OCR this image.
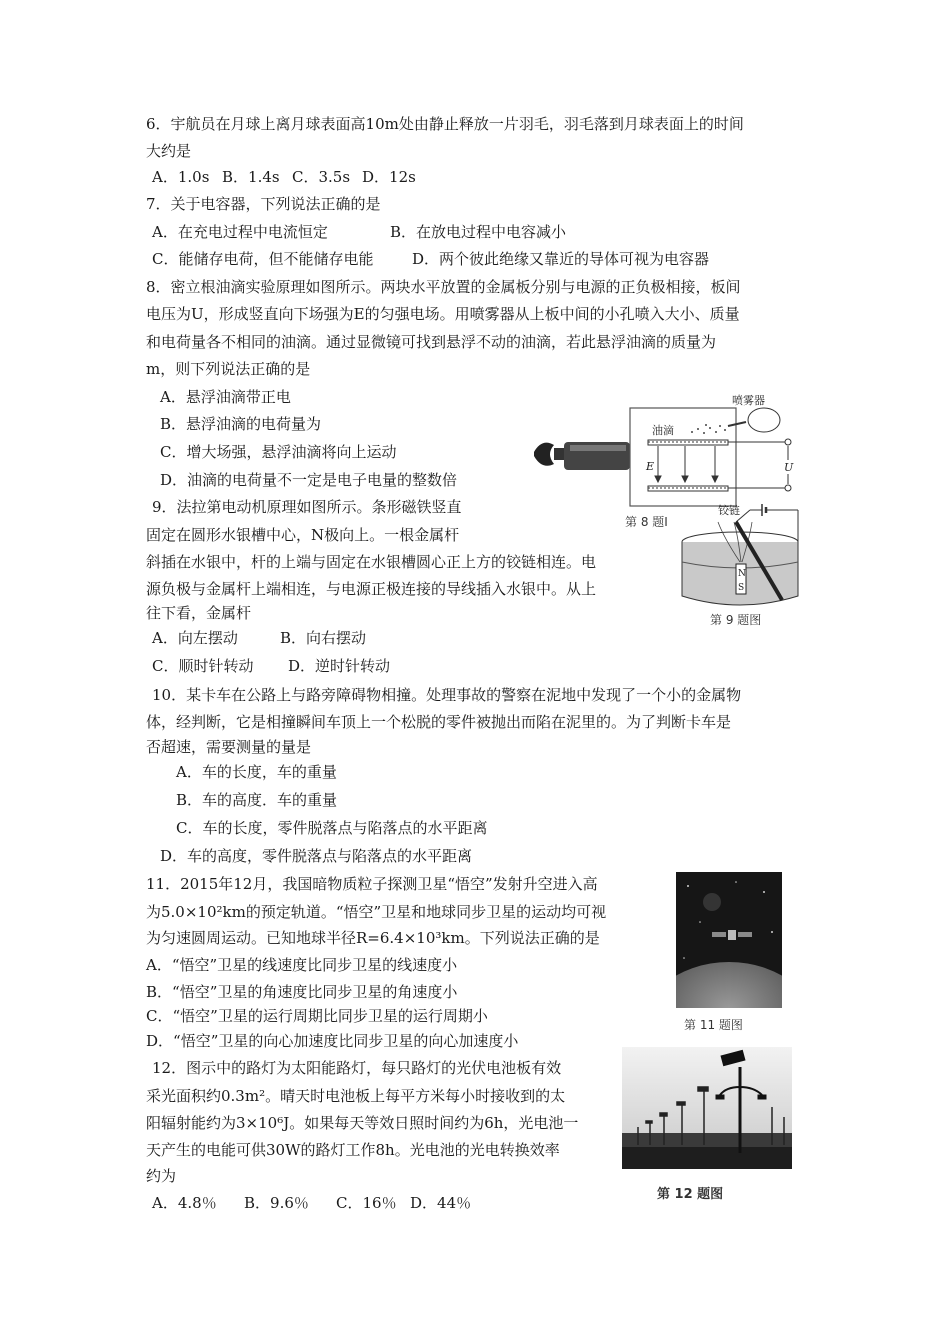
6．宇航员在月球上离月球表面高10m处由静止释放一片羽毛，羽毛落到月球表面上的时间
大约是
A．1.0s B．1.4s C．3.5s D．12s
7．关于电容器，下列说法正确的是
A．在充电过程中电流恒定	B．在放电过程中电容减小
C．能储存电荷，但不能储存电能	D．两个彼此绝缘又靠近的导体可视为电容器
8．密立根油滴实验原理如图所示。两块水平放置的金属板分别与电源的正负极相接，板间
电压为U，形成竖直向下场强为E的匀强电场。用喷雾器从上板中间的小孔喷入大小、质量
和电荷量各不相同的油滴。通过显微镜可找到悬浮不动的油滴，若此悬浮油滴的质量为
m，则下列说法正确的是
A．悬浮油滴带正电
B．悬浮油滴的电荷量为
C．增大场强，悬浮油滴将向上运动
D．油滴的电荷量不一定是电子电量的整数倍
E
油滴
喷雾器
U
第 8 题I
9．法拉第电动机原理如图所示。条形磁铁竖直
固定在圆形水银槽中心，N极向上。一根金属杆
斜插在水银中，杆的上端与固定在水银槽圆心正上方的铰链相连。电
源负极与金属杆上端相连，与电源正极连接的导线插入水银中。从上
往下看，金属杆
A．向左摆动	B．向右摆动
C．顺时针转动 D．逆时针转动
铰链
N
S
第 9 题图
10．某卡车在公路上与路旁障碍物相撞。处理事故的警察在泥地中发现了一个小的金属物
体，经判断，它是相撞瞬间车顶上一个松脱的零件被抛出而陷在泥里的。为了判断卡车是
否超速，需要测量的量是
A．车的长度，车的重量
B．车的高度．车的重量
C．车的长度，零件脱落点与陷落点的水平距离
D．车的高度，零件脱落点与陷落点的水平距离
11．2015年12月，我国暗物质粒子探测卫星“悟空”发射升空进入高
为5.0×10²km的预定轨道。“悟空”卫星和地球同步卫星的运动均可视
为匀速圆周运动。已知地球半径R=6.4×10³km。下列说法正确的是
A．“悟空”卫星的线速度比同步卫星的线速度小
B．“悟空”卫星的角速度比同步卫星的角速度小
C．“悟空”卫星的运行周期比同步卫星的运行周期小
D．“悟空”卫星的向心加速度比同步卫星的向心加速度小
第 11 题图
12．图示中的路灯为太阳能路灯，每只路灯的光伏电池板有效
采光面积约0.3m²。晴天时电池板上每平方米每小时接收到的太
阳辐射能约为3×10⁶J。如果每天等效日照时间约为6h，光电池一
天产生的电能可供30W的路灯工作8h。光电池的光电转换效率
约为
A．4.8％ B．9.6％ C．16％ D．44％	第 12 题图
